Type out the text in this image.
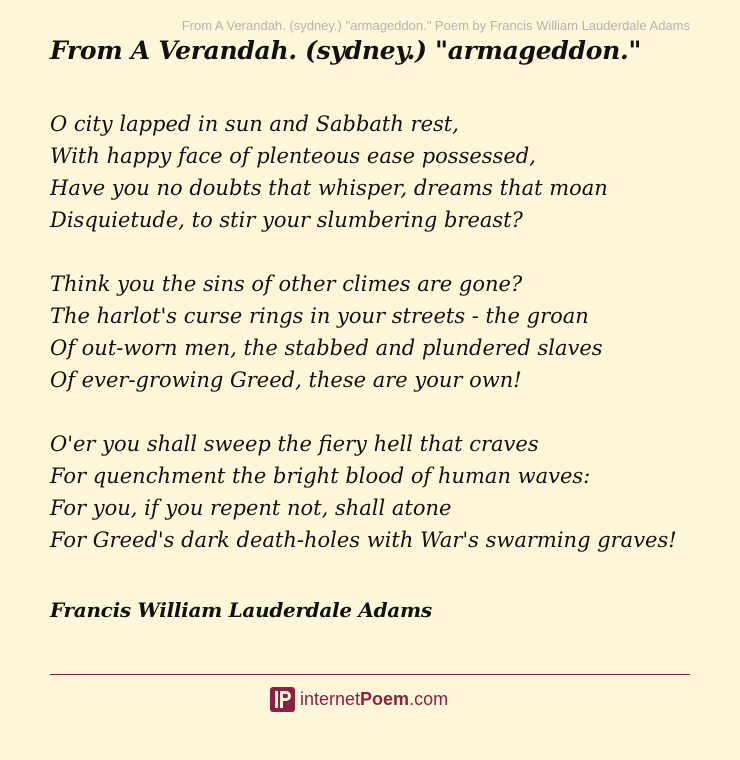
From A Verandah. (sydney.) "armageddon." Poem by Francis William Lauderdale Adams
From A Verandah. (sydney.) "armageddon."
O city lapped in sun and Sabbath rest,
With happy face of plenteous ease possessed,
Have you no doubts that whisper, dreams that moan
Disquietude, to stir your slumbering breast?
Think you the sins of other climes are gone?
The harlot's curse rings in your streets - the groan
Of out-worn men, the stabbed and plundered slaves
Of ever-growing Greed, these are your own!
O'er you shall sweep the fiery hell that craves
For quenchment the bright blood of human waves:
For you, if you repent not, shall atone
For Greed's dark death-holes with War's swarming graves!
Francis William Lauderdale Adams
internetPoem.com
